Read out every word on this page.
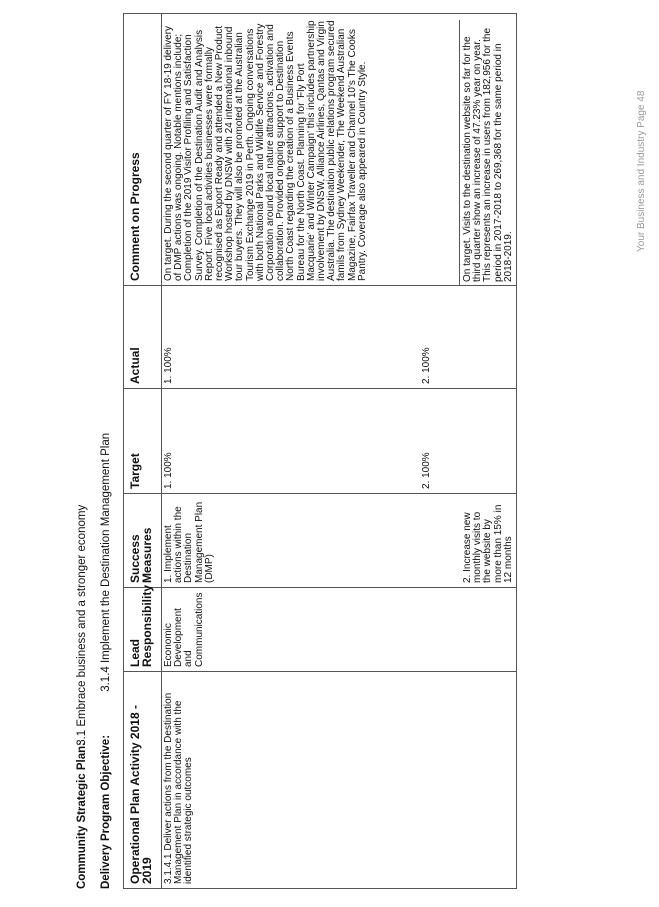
Community Strategic Plan: 3.1 Embrace business and a stronger economy
Delivery Program Objective: 3.1.4 Implement the Destination Management Plan
Operational Plan Activity 2018 - 2019	Lead Responsibility	Success Measures	Target	Actual	Comment on Progress
3.1.4.1 Deliver actions from the Destination Management Plan in accordance with the identified strategic outcomes	Economic Development and Communications	1. Implement actions within the Destination Management Plan (DMP) 2. Increase new monthly visits to the website by more than 15% in 12 months	1. 100% 2. 100%	1. 100% 2. 100%	On target. During the second quarter of FY 18-19 delivery of DMP actions was ongoing. Notable mentions include; Completion of the 2019 Visitor Profiling and Satisfaction Survey. Completion of the Destination Audit and Analysis Report. Five local activities businesses were formally recognised as Export Ready and attended a New Product Workshop hosted by DNSW with 24 international inbound tour buyers. They will also be promoted at the Australian Tourism Exchange 2019 in Perth. Ongoing conversations with both National Parks and Wildlife Service and Forestry Corporation around local nature attractions, activation and collaboration. Provided ongoing support to Destination North Coast regarding the creation of a Business Events Bureau for the North Coast. Planning for 'Fly Port Macquarie' and Winter Campaign' this includes partnership involvement by DNSW, Alliance Airlines, Qantas and Virgin Australia. The destination public relations program secured famils from Sydney Weekender, The Weekend Australian Magazine, Fairfax Traveller and Channel 10's The Cooks Pantry. Coverage also appeared in Country Style.	On target. Visits to the destination website so far for the third quarter show an increase of 47.23% year on year. This represents an increase in users from 182,956 for the period in 2017-2018 to 269,368 for the same period in 2018-2019.
Your Business and Industry Page 48
